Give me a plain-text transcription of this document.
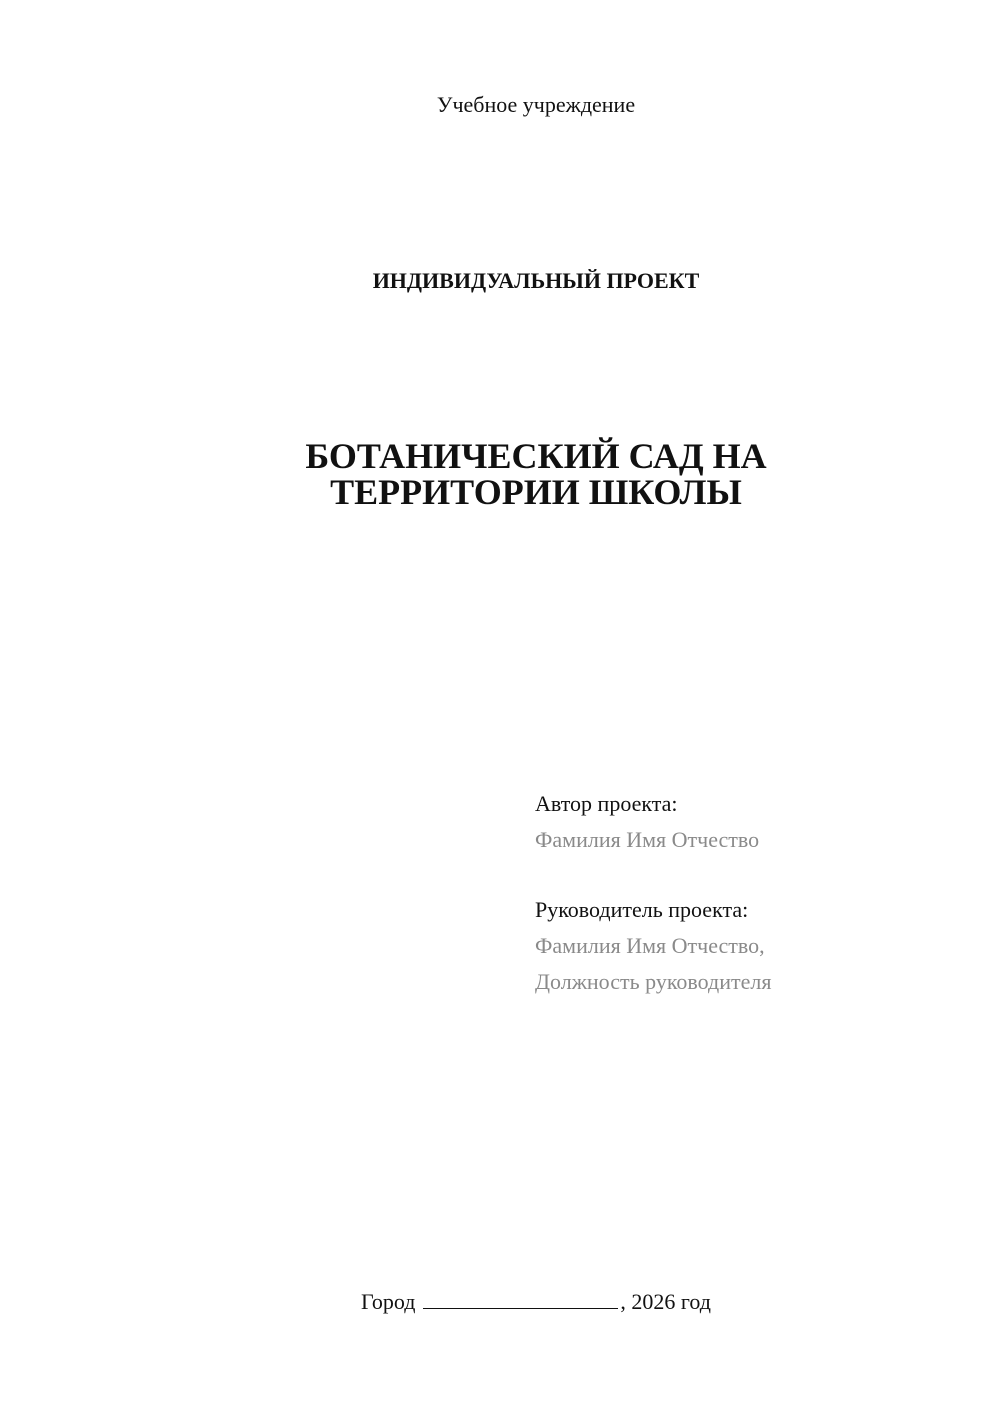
Учебное учреждение
ИНДИВИДУАЛЬНЫЙ ПРОЕКТ
БОТАНИЧЕСКИЙ САД НА
ТЕРРИТОРИИ ШКОЛЫ
Автор проекта:
Фамилия Имя Отчество
Руководитель проекта:
Фамилия Имя Отчество,
Должность руководителя
Город	, 2026 год
